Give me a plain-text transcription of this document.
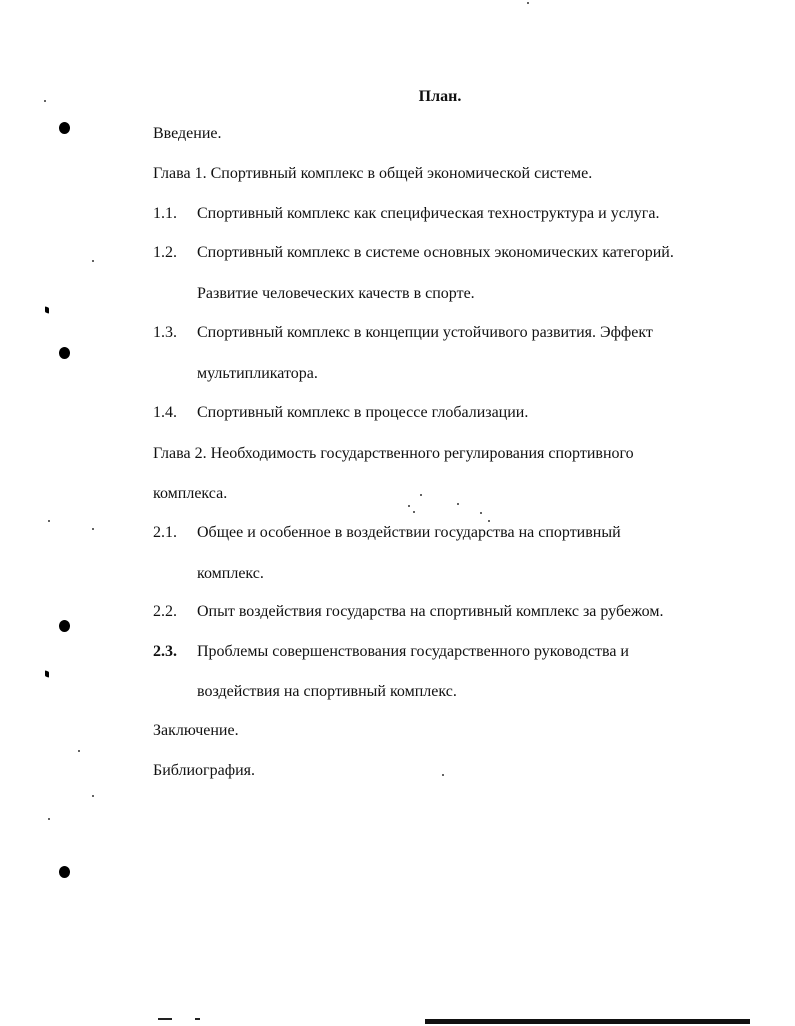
План.
Введение.
Глава 1. Спортивный комплекс в общей экономической системе.
1.1. Спортивный комплекс как специфическая техноструктура и услуга.
1.2. Спортивный комплекс в системе основных экономических категорий.
Развитие человеческих качеств в спорте.
1.3. Спортивный комплекс в концепции устойчивого развития. Эффект
мультипликатора.
1.4. Спортивный комплекс в процессе глобализации.
Глава 2. Необходимость государственного регулирования спортивного
комплекса.
2.1. Общее и особенное в воздействии государства на спортивный
комплекс.
2.2. Опыт воздействия государства на спортивный комплекс за рубежом.
2.3. Проблемы совершенствования государственного руководства и
воздействия на спортивный комплекс.
Заключение.
Библиография.
